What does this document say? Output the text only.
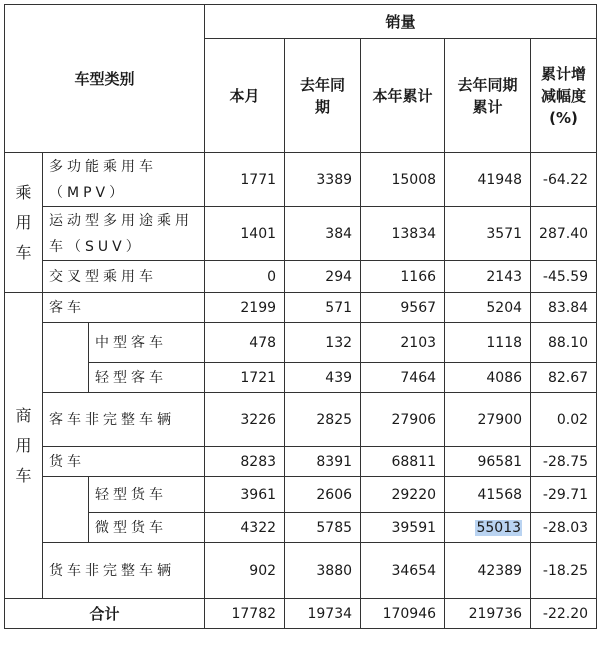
车型类别			销量				
			本月	去年同期	本年累计	去年同期累计	累计增减幅度(%)

乘
用
车	多功能乘用车（MPV）		1771	3389	15008	41948	-64.22
	运动型多用途乘用车（SUV）		1401	384	13834	3571	287.40
	交叉型乘用车		0	294	1166	2143	-45.59

商
用
车	客车		2199	571	9567	5204	83.84
		中型客车	478	132	2103	1118	88.10
		轻型客车	1721	439	7464	4086	82.67
	客车非完整车辆		3226	2825	27906	27900	0.02
	货车		8283	8391	68811	96581	-28.75
		轻型货车	3961	2606	29220	41568	-29.71
		微型货车	4322	5785	39591	55013	-28.03
	货车非完整车辆		902	3880	34654	42389	-18.25
合计			17782	19734	170946	219736	-22.20
